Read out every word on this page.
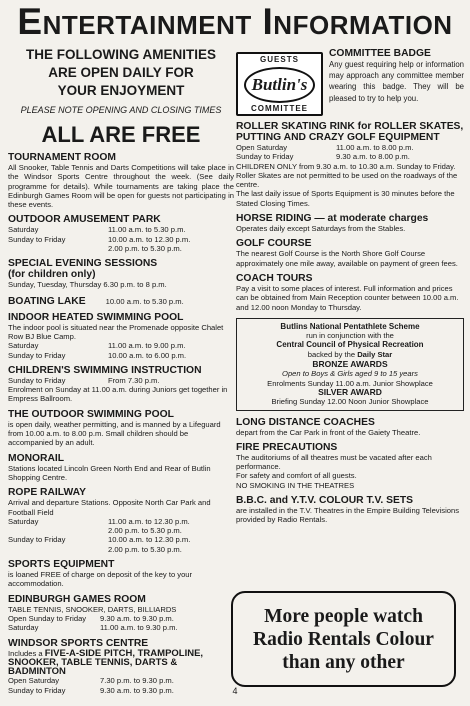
Entertainment Information
THE FOLLOWING AMENITIES
ARE OPEN DAILY FOR
YOUR ENJOYMENT
PLEASE NOTE OPENING AND CLOSING TIMES
ALL ARE FREE
TOURNAMENT ROOM
All Snooker, Table Tennis and Darts Competitions will take place in the Windsor Sports Centre throughout the week. (See daily programme for details). While tournaments are taking place the Edinburgh Games Room will be open for guests not participating in these events.
OUTDOOR AMUSEMENT PARK
Saturday	11.00 a.m. to 5.30 p.m.
Sunday to Friday	10.00 a.m. to 12.30 p.m.
2.00 p.m. to 5.30 p.m.
SPECIAL EVENING SESSIONS
(for children only)
Sunday, Tuesday, Thursday 6.30 p.m. to 8 p.m.
BOATING LAKE	10.00 a.m. to 5.30 p.m.
INDOOR HEATED SWIMMING POOL
The indoor pool is situated near the Promenade opposite Chalet Row BJ Blue Camp.
Saturday	11.00 a.m. to 9.00 p.m.
Sunday to Friday	10.00 a.m. to 6.00 p.m.
CHILDREN'S SWIMMING INSTRUCTION
Sunday to Friday	From 7.30 p.m.
Enrolment on Sunday at 11.00 a.m. during Juniors get together in Empress Ballroom.
THE OUTDOOR SWIMMING POOL
is open daily, weather permitting, and is manned by a Lifeguard from 10.00 a.m. to 8.00 p.m. Small children should be accompanied by an adult.
MONORAIL
Stations located Lincoln Green North End and Rear of Butlin Shopping Centre.
ROPE RAILWAY
Arrival and departure Stations. Opposite North Car Park and Football Field
Saturday	11.00 a.m. to 12.30 p.m.
2.00 p.m. to 5.30 p.m.
Sunday to Friday	10.00 a.m. to 12.30 p.m.
2.00 p.m. to 5.30 p.m.
SPORTS EQUIPMENT
is loaned FREE of charge on deposit of the key to your accommodation.
EDINBURGH GAMES ROOM
TABLE TENNIS, SNOOKER, DARTS, BILLIARDS
Open Sunday to Friday	9.30 a.m. to 9.30 p.m.
Saturday	11.00 a.m. to 9.30 p.m.
WINDSOR SPORTS CENTRE
Includes a FIVE-A-SIDE PITCH, TRAMPOLINE, SNOOKER, TABLE TENNIS, DARTS & BADMINTON
Open Saturday	7.30 p.m. to 9.30 p.m.
Sunday to Friday	9.30 a.m. to 9.30 p.m.
GUESTS
Butlin's
COMMITTEE
COMMITTEE BADGE
Any guest requiring help or information may approach any committee member wearing this badge. They will be pleased to try to help you.
ROLLER SKATING RINK for ROLLER SKATES, PUTTING AND CRAZY GOLF EQUIPMENT
Open Saturday	11.00 a.m. to 8.00 p.m.
Sunday to Friday	9.30 a.m. to 8.00 p.m.
CHILDREN ONLY from 9.30 a.m. to 10.30 a.m. Sunday to Friday.
Roller Skates are not permitted to be used on the roadways of the centre.
The last daily issue of Sports Equipment is 30 minutes before the Stated Closing Times.
HORSE RIDING — at moderate charges
Operates daily except Saturdays from the Stables.
GOLF COURSE
The nearest Golf Course is the North Shore Golf Course approximately one mile away, available on payment of green fees.
COACH TOURS
Pay a visit to some places of interest. Full information and prices can be obtained from Main Reception counter between 10.00 a.m. and 12.00 noon Monday to Thursday.
Butlins National Pentathlete Scheme
run in conjunction with the
Central Council of Physical Recreation
backed by the Daily Star
BRONZE AWARDS
Open to Boys & Girls aged 9 to 15 years
Enrolments Sunday 11.00 a.m. Junior Showplace
SILVER AWARD
Briefing Sunday 12.00 Noon Junior Showplace
LONG DISTANCE COACHES
depart from the Car Park in front of the Gaiety Theatre.
FIRE PRECAUTIONS
The auditoriums of all theatres must be vacated after each performance.
For safety and comfort of all guests.
NO SMOKING IN THE THEATRES
B.B.C. and Y.T.V. COLOUR T.V. SETS
are installed in the T.V. Theatres in the Empire Building Televisions provided by Radio Rentals.
More people watch
Radio Rentals Colour
than any other
4
